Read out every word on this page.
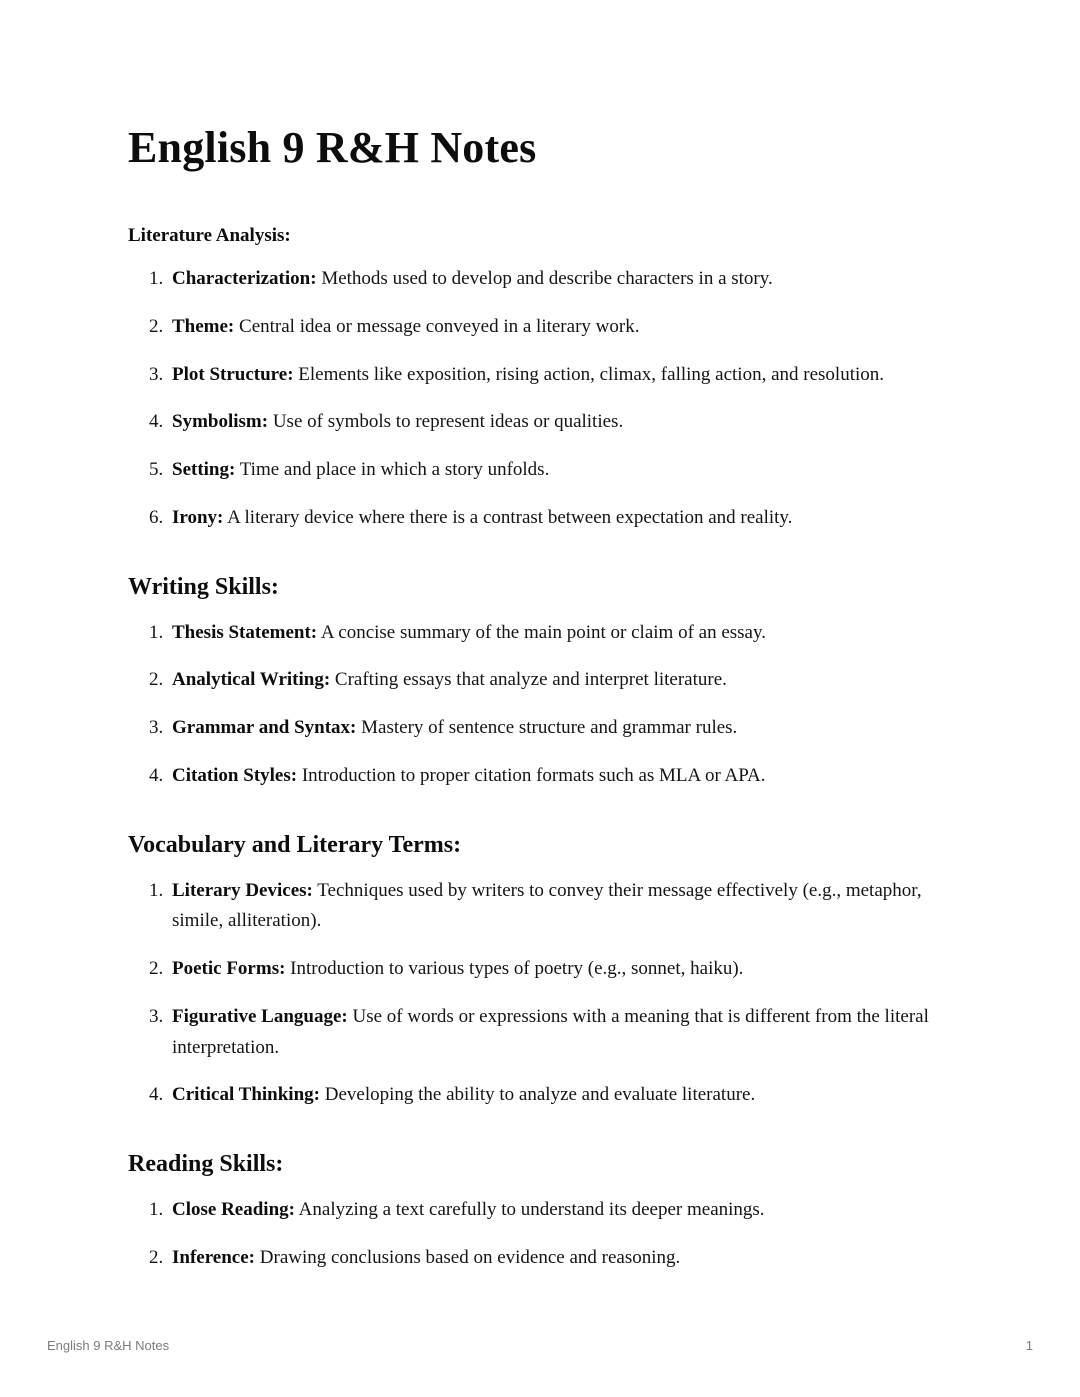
English 9 R&H Notes
Literature Analysis:
1. Characterization: Methods used to develop and describe characters in a story.
2. Theme: Central idea or message conveyed in a literary work.
3. Plot Structure: Elements like exposition, rising action, climax, falling action, and resolution.
4. Symbolism: Use of symbols to represent ideas or qualities.
5. Setting: Time and place in which a story unfolds.
6. Irony: A literary device where there is a contrast between expectation and reality.
Writing Skills:
1. Thesis Statement: A concise summary of the main point or claim of an essay.
2. Analytical Writing: Crafting essays that analyze and interpret literature.
3. Grammar and Syntax: Mastery of sentence structure and grammar rules.
4. Citation Styles: Introduction to proper citation formats such as MLA or APA.
Vocabulary and Literary Terms:
1. Literary Devices: Techniques used by writers to convey their message effectively (e.g., metaphor, simile, alliteration).
2. Poetic Forms: Introduction to various types of poetry (e.g., sonnet, haiku).
3. Figurative Language: Use of words or expressions with a meaning that is different from the literal interpretation.
4. Critical Thinking: Developing the ability to analyze and evaluate literature.
Reading Skills:
1. Close Reading: Analyzing a text carefully to understand its deeper meanings.
2. Inference: Drawing conclusions based on evidence and reasoning.
English 9 R&H Notes	1
